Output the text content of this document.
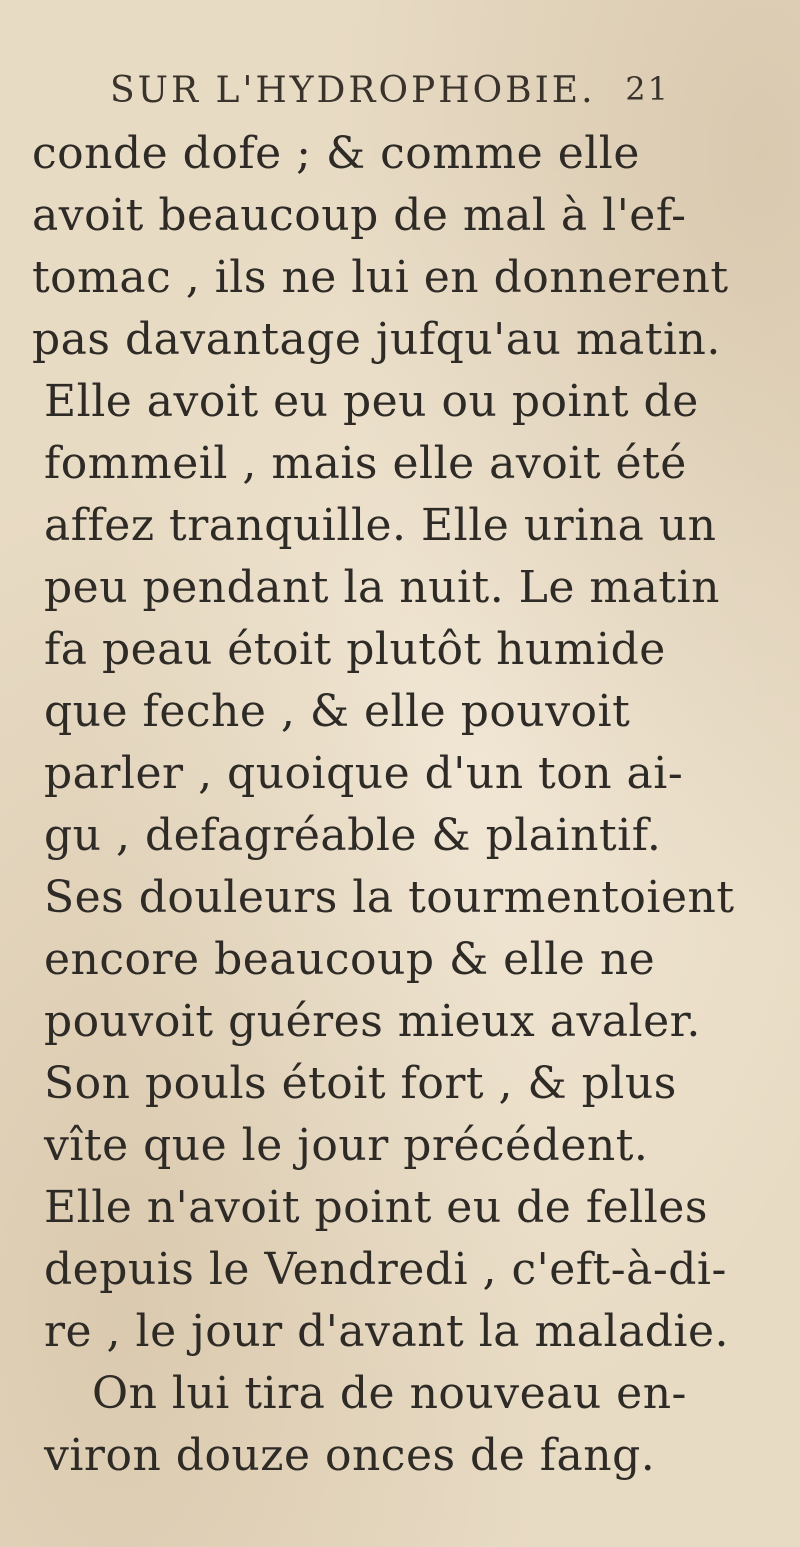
SUR L'HYDROPHOBIE. 21
conde dofe ; & comme elle
avoit beaucoup de mal à l'ef-
tomac , ils ne lui en donnerent
pas davantage jufqu'au matin.
Elle avoit eu peu ou point de
fommeil , mais elle avoit été
affez tranquille. Elle urina un
peu pendant la nuit. Le matin
fa peau étoit plutôt humide
que feche , & elle pouvoit
parler , quoique d'un ton ai-
gu , defagréable & plaintif.
Ses douleurs la tourmentoient
encore beaucoup & elle ne
pouvoit guéres mieux avaler.
Son pouls étoit fort , & plus
vîte que le jour précédent.
Elle n'avoit point eu de felles
depuis le Vendredi , c'eft-à-di-
re , le jour d'avant la maladie.
On lui tira de nouveau en-
viron douze onces de fang.
